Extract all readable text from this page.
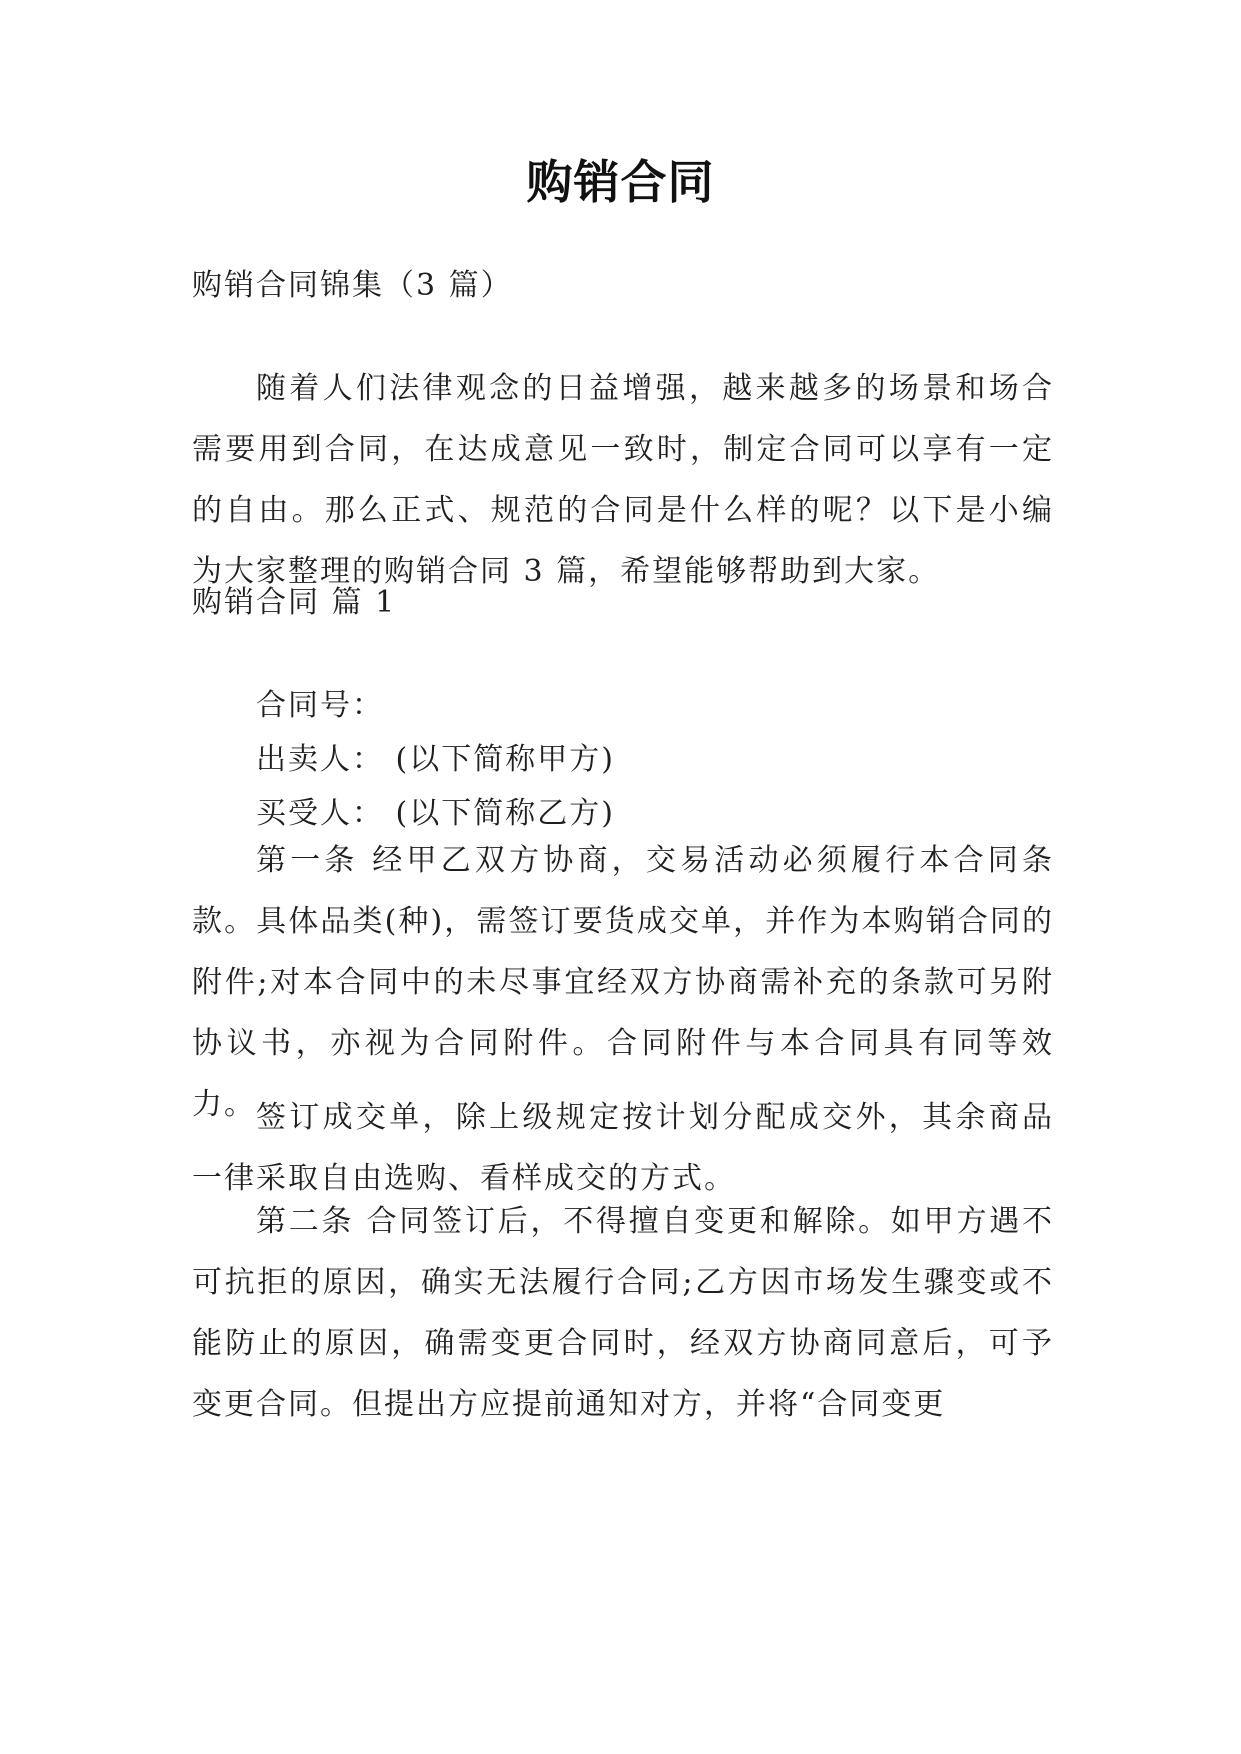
购销合同
购销合同锦集（3 篇）

随着人们法律观念的日益增强，越来越多的场景和场合需要用到合同，在达成意见一致时，制定合同可以享有一定的自由。那么正式、规范的合同是什么样的呢？以下是小编为大家整理的购销合同 3 篇，希望能够帮助到大家。

购销合同 篇 1
合同号：
出卖人： (以下简称甲方)
买受人： (以下简称乙方)

第一条 经甲乙双方协商，交易活动必须履行本合同条款。具体品类(种)，需签订要货成交单，并作为本购销合同的附件;对本合同中的未尽事宜经双方协商需补充的条款可另附协议书，亦视为合同附件。合同附件与本合同具有同等效力。 签订成交单，除上级规定按计划分配成交外，其余商品一律采取自由选购、看样成交的方式。

第二条 合同签订后，不得擅自变更和解除。如甲方遇不可抗拒的原因，确实无法履行合同;乙方因市场发生骤变或不能防止的原因，确需变更合同时，经双方协商同意后，可予变更合同。但提出方应提前通知对方，并将“合同变更
